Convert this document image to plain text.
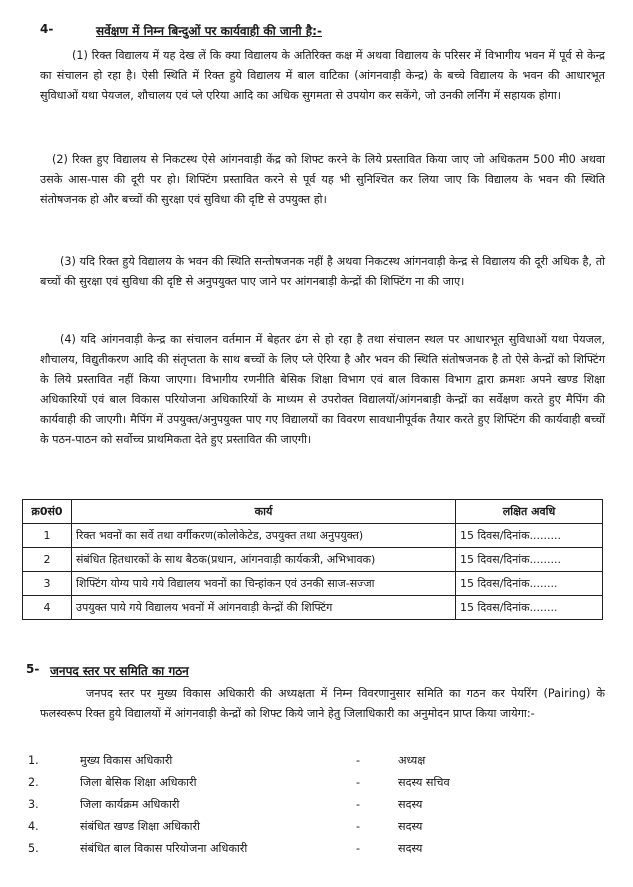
4-	सर्वेक्षण में निम्न बिन्दुओं पर कार्यवाही की जानी है:-
(1) रिक्त विद्यालय में यह देख लें कि क्या विद्यालय के अतिरिक्त कक्ष में अथवा विद्यालय के परिसर में विभागीय भवन में पूर्व से केन्द्र का संचालन हो रहा है। ऐसी स्थिति में रिक्त हुये विद्यालय में बाल वाटिका (आंगनवाड़ी केन्द्र) के बच्चे विद्यालय के भवन की आधारभूत सुविधाओं यथा पेयजल, शौचालय एवं प्ले एरिया आदि का अधिक सुगमता से उपयोग कर सकेंगे, जो उनकी लर्निंग में सहायक होगा।
(2) रिक्त हुए विद्यालय से निकटस्थ ऐसे आंगनवाड़ी केंद्र को शिफ्ट करने के लिये प्रस्तावित किया जाए जो अधिकतम 500 मी0 अथवा उसके आस-पास की दूरी पर हो। शिफ्टिंग प्रस्तावित करने से पूर्व यह भी सुनिश्चित कर लिया जाए कि विद्यालय के भवन की स्थिति संतोषजनक हो और बच्चों की सुरक्षा एवं सुविधा की दृष्टि से उपयुक्त हो।
(3) यदि रिक्त हुये विद्यालय के भवन की स्थिति सन्तोषजनक नहीं है अथवा निकटस्थ आंगनवाड़ी केन्द्र से विद्यालय की दूरी अधिक है, तो बच्चों की सुरक्षा एवं सुविधा की दृष्टि से अनुपयुक्त पाए जाने पर आंगनबाड़ी केन्द्रों की शिफ्टिंग ना की जाए।
(4) यदि आंगनवाड़ी केन्द्र का संचालन वर्तमान में बेहतर ढंग से हो रहा है तथा संचालन स्थल पर आधारभूत सुविधाओं यथा पेयजल, शौचालय, विद्युतीकरण आदि की संतृप्तता के साथ बच्चों के लिए प्ले ऐरिया है और भवन की स्थिति संतोषजनक है तो ऐसे केन्द्रों को शिफ्टिंग के लिये प्रस्तावित नहीं किया जाएगा। विभागीय रणनीति बेसिक शिक्षा विभाग एवं बाल विकास विभाग द्वारा क्रमशः अपने खण्ड शिक्षा अधिकारियों एवं बाल विकास परियोजना अधिकारियों के माध्यम से उपरोक्त विद्यालयों/आंगनबाड़ी केन्द्रों का सर्वेक्षण करते हुए मैपिंग की कार्यवाही की जाएगी। मैपिंग में उपयुक्त/अनुपयुक्त पाए गए विद्यालयों का विवरण सावधानीपूर्वक तैयार करते हुए शिफ्टिंग की कार्यवाही बच्चों के पठन-पाठन को सर्वोच्च प्राथमिकता देते हुए प्रस्तावित की जाएगी।
क्र0सं0	कार्य	लक्षित अवधि
1	रिक्त भवनों का सर्वे तथा वर्गीकरण(कोलोकेटेड, उपयुक्त तथा अनुपयुक्त)	15 दिवस/दिनांक.........
2	संबंधित हितधारकों के साथ बैठक(प्रधान, आंगनवाड़ी कार्यकत्री, अभिभावक)	15 दिवस/दिनांक.........
3	शिफ्टिंग योग्य पाये गये विद्यालय भवनों का चिन्हांकन एवं उनकी साज-सज्जा	15 दिवस/दिनांक........
4	उपयुक्त पाये गये विद्यालय भवनों में आंगनवाड़ी केन्द्रों की शिफ्टिंग	15 दिवस/दिनांक........
5- जनपद स्तर पर समिति का गठन
जनपद स्तर पर मुख्य विकास अधिकारी की अध्यक्षता में निम्न विवरणानुसार समिति का गठन कर पेयरिंग (Pairing) के फलस्वरूप रिक्त हुये विद्यालयों में आंगनवाड़ी केन्द्रों को शिफ्ट किये जाने हेतु जिलाधिकारी का अनुमोदन प्राप्त किया जायेगा:-
1.	मुख्य विकास अधिकारी	-	अध्यक्ष
2.	जिला बेसिक शिक्षा अधिकारी	-	सदस्य सचिव
3.	जिला कार्यक्रम अधिकारी	-	सदस्य
4.	संबंधित खण्ड शिक्षा अधिकारी	-	सदस्य
5.	संबंधित बाल विकास परियोजना अधिकारी	-	सदस्य
